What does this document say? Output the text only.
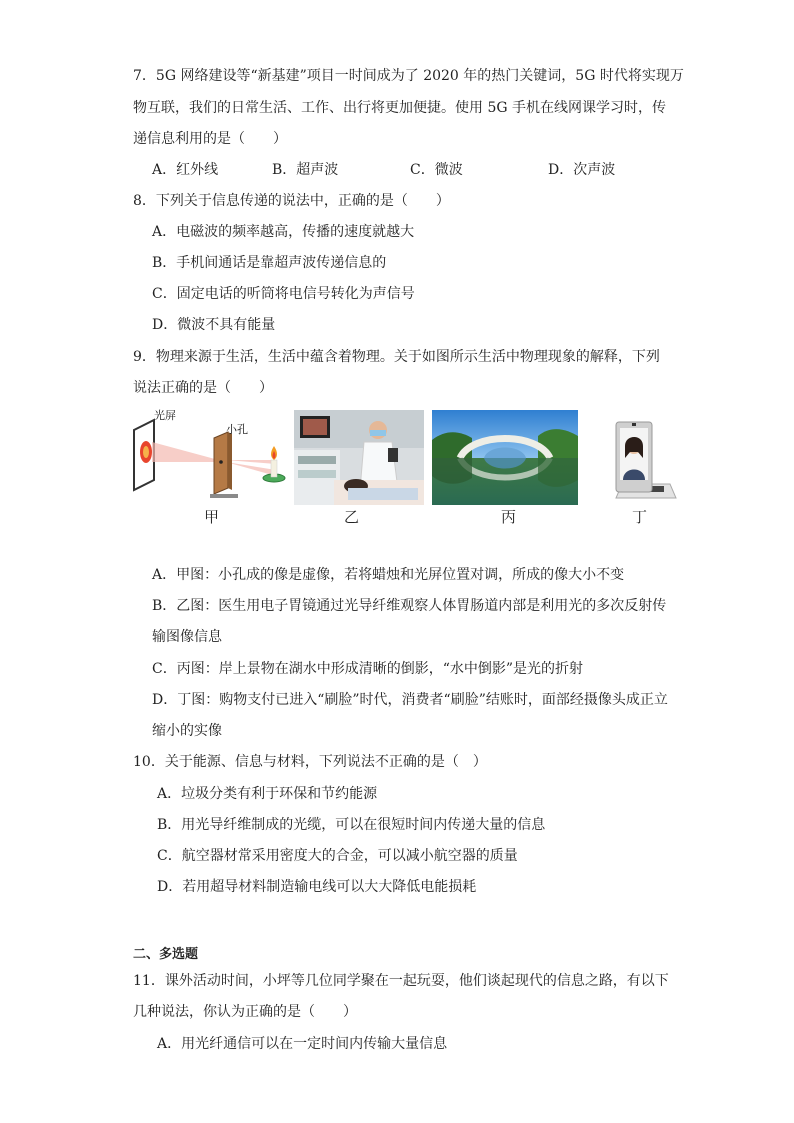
7．5G 网络建设等“新基建”项目一时间成为了 2020 年的热门关键词，5G 时代将实现万
物互联，我们的日常生活、工作、出行将更加便捷。使用 5G 手机在线网课学习时，传
递信息利用的是（　　）
A．红外线	B．超声波	C．微波	D．次声波
8．下列关于信息传递的说法中，正确的是（　　）
A．电磁波的频率越高，传播的速度就越大
B．手机间通话是靠超声波传递信息的
C．固定电话的听筒将电信号转化为声信号
D．微波不具有能量
9．物理来源于生活，生活中蕴含着物理。关于如图所示生活中物理现象的解释，下列
说法正确的是（　　）
光屏
小孔
甲	乙	丙	丁
A．甲图：小孔成的像是虚像，若将蜡烛和光屏位置对调，所成的像大小不变
B．乙图：医生用电子胃镜通过光导纤维观察人体胃肠道内部是利用光的多次反射传
输图像信息
C．丙图：岸上景物在湖水中形成清晰的倒影，“水中倒影”是光的折射
D．丁图：购物支付已进入“刷脸”时代，消费者“刷脸”结账时，面部经摄像头成正立
缩小的实像
10．关于能源、信息与材料，下列说法不正确的是（　）
A．垃圾分类有利于环保和节约能源
B．用光导纤维制成的光缆，可以在很短时间内传递大量的信息
C．航空器材常采用密度大的合金，可以减小航空器的质量
D．若用超导材料制造输电线可以大大降低电能损耗
二、多选题
11．课外活动时间，小坪等几位同学聚在一起玩耍，他们谈起现代的信息之路，有以下
几种说法，你认为正确的是（　　）
A．用光纤通信可以在一定时间内传输大量信息
